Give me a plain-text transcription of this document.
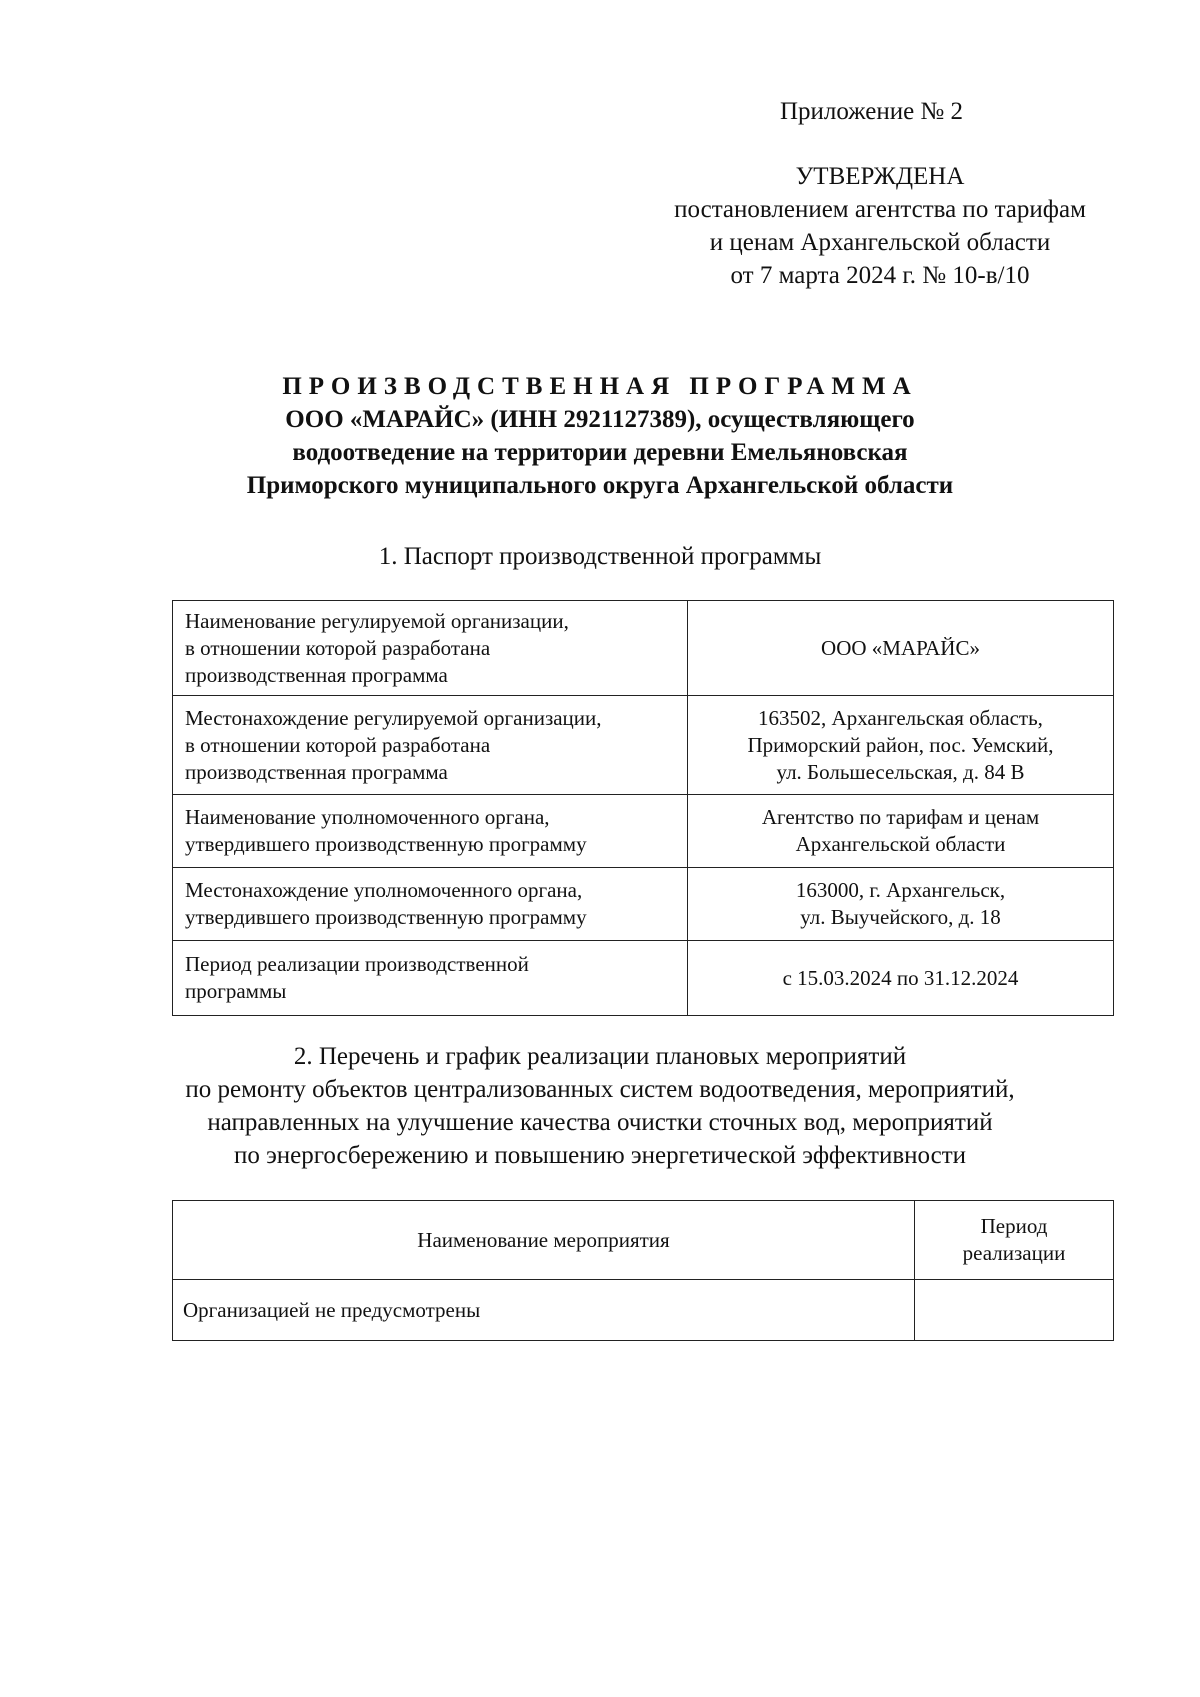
Приложение № 2
УТВЕРЖДЕНА
постановлением агентства по тарифам
и ценам Архангельской области
от 7 марта 2024 г. № 10-в/10
ПРОИЗВОДСТВЕННАЯ ПРОГРАММА
ООО «МАРАЙС» (ИНН 2921127389), осуществляющего
водоотведение на территории деревни Емельяновская
Приморского муниципального округа Архангельской области
1. Паспорт производственной программы
Наименование регулируемой организации,
в отношении которой разработана
производственная программа	ООО «МАРАЙС»

Местонахождение регулируемой организации,
в отношении которой разработана
производственная программа	163502, Архангельская область,
Приморский район, пос. Уемский,
ул. Большесельская, д. 84 В

Наименование уполномоченного органа,
утвердившего производственную программу	Агентство по тарифам и ценам
Архангельской области

Местонахождение уполномоченного органа,
утвердившего производственную программу	163000, г. Архангельск,
ул. Выучейского, д. 18

Период реализации производственной
программы	с 15.03.2024 по 31.12.2024
2. Перечень и график реализации плановых мероприятий
по ремонту объектов централизованных систем водоотведения, мероприятий,
направленных на улучшение качества очистки сточных вод, мероприятий
по энергосбережению и повышению энергетической эффективности
Наименование мероприятия	Период
реализации

Организацией не предусмотрены	
